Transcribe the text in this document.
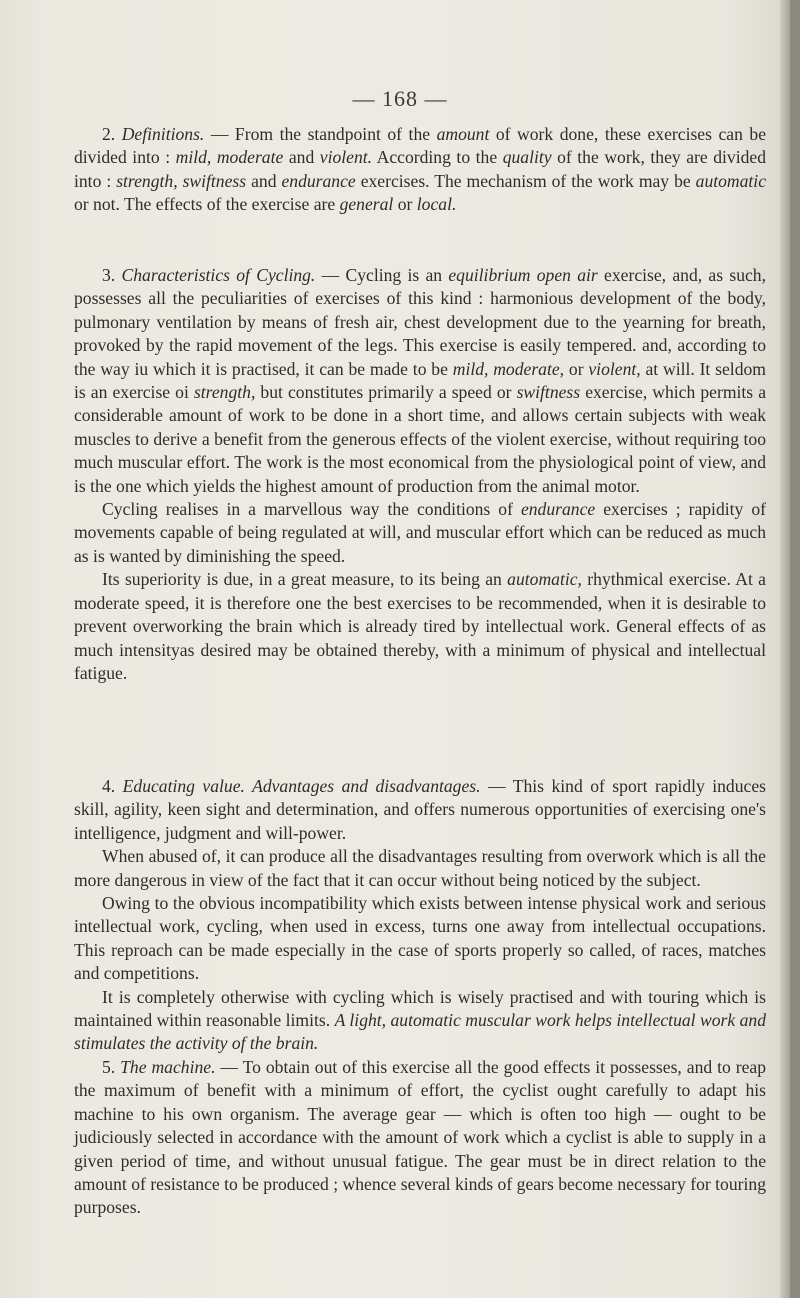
— 168 —

2. Definitions. — From the standpoint of the amount of work done, these exercises can be divided into : mild, moderate and violent. According to the quality of the work, they are divided into : strength, swiftness and endurance exercises. The mechanism of the work may be automatic or not. The effects of the exercise are general or local.

3. Characteristics of Cycling. — Cycling is an equilibrium open air exercise, and, as such, possesses all the peculiarities of exercises of this kind : harmonious development of the body, pulmonary ventilation by means of fresh air, chest development due to the yearning for breath, provoked by the rapid movement of the legs. This exercise is easily tempered. and, according to the way iu which it is practised, it can be made to be mild, moderate, or violent, at will. It seldom is an exercise oi strength, but constitutes primarily a speed or swiftness exercise, which permits a considerable amount of work to be done in a short time, and allows certain subjects with weak muscles to derive a benefit from the generous effects of the violent exercise, without requiring too much muscular effort. The work is the most economical from the physiological point of view, and is the one which yields the highest amount of production from the animal motor.

Cycling realises in a marvellous way the conditions of endurance exercises ; rapidity of movements capable of being regulated at will, and muscular effort which can be reduced as much as is wanted by diminishing the speed.

Its superiority is due, in a great measure, to its being an automatic, rhythmical exercise. At a moderate speed, it is therefore one the best exercises to be recommended, when it is desirable to prevent overworking the brain which is already tired by intellectual work. General effects of as much intensityas desired may be obtained thereby, with a minimum of physical and intellectual fatigue.

4. Educating value. Advantages and disadvantages. — This kind of sport rapidly induces skill, agility, keen sight and determination, and offers numerous opportunities of exercising one's intelligence, judgment and will-power.

When abused of, it can produce all the disadvantages resulting from overwork which is all the more dangerous in view of the fact that it can occur without being noticed by the subject.

Owing to the obvious incompatibility which exists between intense physical work and serious intellectual work, cycling, when used in excess, turns one away from intellectual occupations. This reproach can be made especially in the case of sports properly so called, of races, matches and competitions.

It is completely otherwise with cycling which is wisely practised and with touring which is maintained within reasonable limits. A light, automatic muscular work helps intellectual work and stimulates the activity of the brain.

5. The machine. — To obtain out of this exercise all the good effects it possesses, and to reap the maximum of benefit with a minimum of effort, the cyclist ought carefully to adapt his machine to his own organism. The average gear — which is often too high — ought to be judiciously selected in accordance with the amount of work which a cyclist is able to supply in a given period of time, and without unusual fatigue. The gear must be in direct relation to the amount of resistance to be produced ; whence several kinds of gears become necessary for touring purposes.
